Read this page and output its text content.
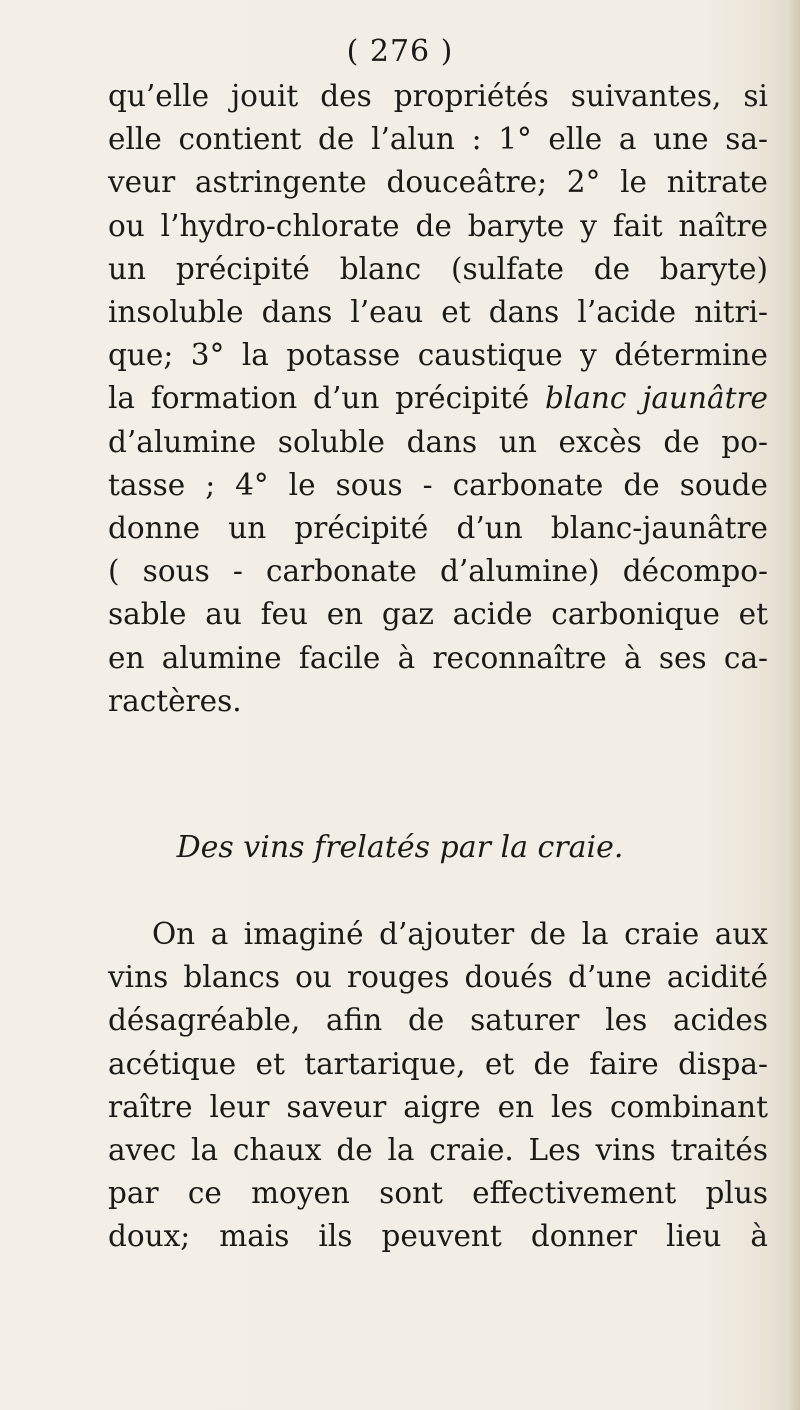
( 276 )
qu’elle jouit des propriétés suivantes, si
elle contient de l’alun : 1° elle a une sa-
veur astringente douceâtre; 2° le nitrate
ou l’hydro-chlorate de baryte y fait naître
un précipité blanc (sulfate de baryte)
insoluble dans l’eau et dans l’acide nitri-
que; 3° la potasse caustique y détermine
la formation d’un précipité blanc jaunâtre
d’alumine soluble dans un excès de po-
tasse ; 4° le sous - carbonate de soude
donne un précipité d’un blanc-jaunâtre
( sous - carbonate d’alumine) décompo-
sable au feu en gaz acide carbonique et
en alumine facile à reconnaître à ses ca-
ractères.
Des vins frelatés par la craie.
On a imaginé d’ajouter de la craie aux
vins blancs ou rouges doués d’une acidité
désagréable, afin de saturer les acides
acétique et tartarique, et de faire dispa-
raître leur saveur aigre en les combinant
avec la chaux de la craie. Les vins traités
par ce moyen sont effectivement plus
doux; mais ils peuvent donner lieu à
